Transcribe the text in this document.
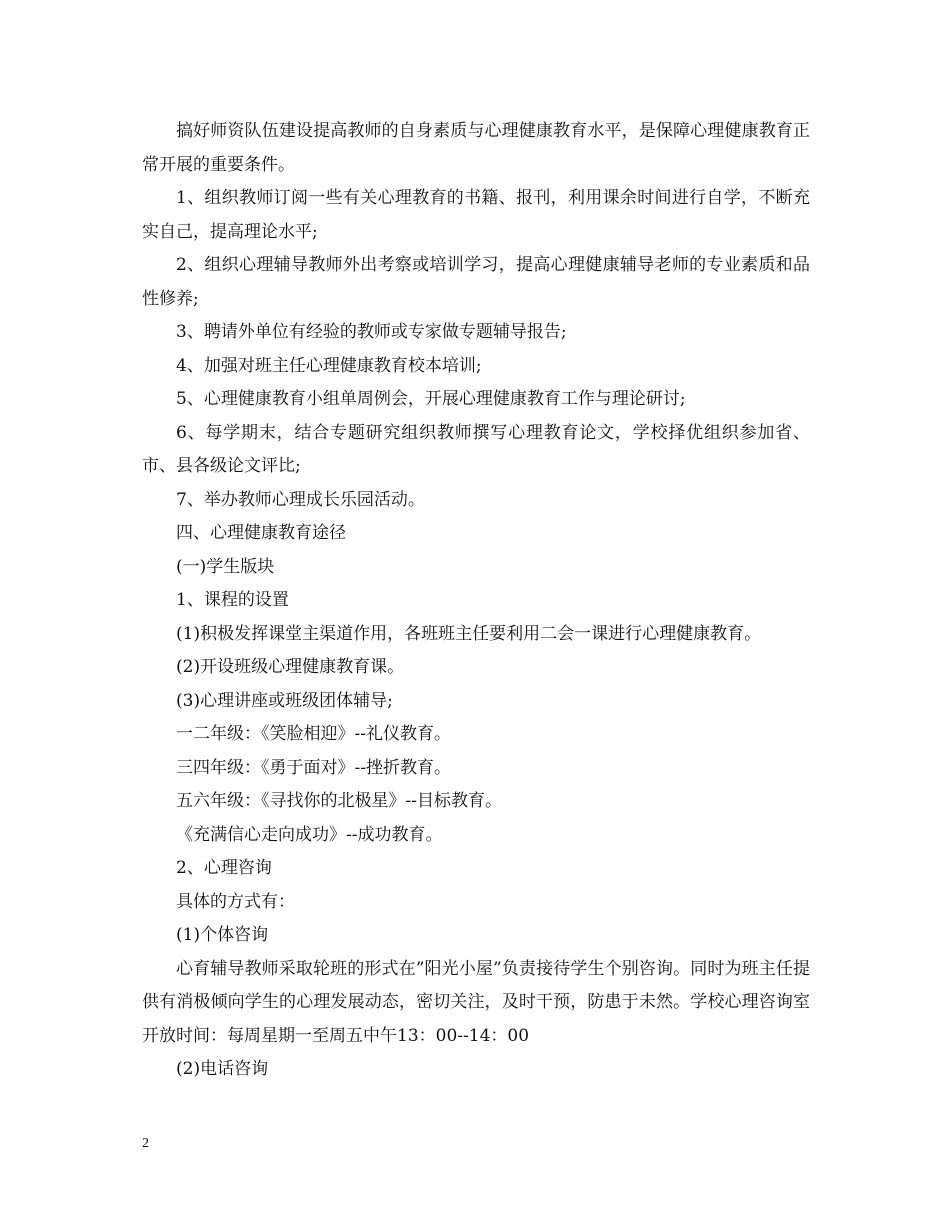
搞好师资队伍建设提高教师的自身素质与心理健康教育水平，是保障心理健康教育正常开展的重要条件。

1、组织教师订阅一些有关心理教育的书籍、报刊，利用课余时间进行自学，不断充实自己，提高理论水平;

2、组织心理辅导教师外出考察或培训学习，提高心理健康辅导老师的专业素质和品性修养;

3、聘请外单位有经验的教师或专家做专题辅导报告;

4、加强对班主任心理健康教育校本培训;

5、心理健康教育小组单周例会，开展心理健康教育工作与理论研讨;

6、每学期末，结合专题研究组织教师撰写心理教育论文，学校择优组织参加省、市、县各级论文评比;

7、举办教师心理成长乐园活动。

四、心理健康教育途径

(一)学生版块

1、课程的设置

(1)积极发挥课堂主渠道作用，各班班主任要利用二会一课进行心理健康教育。

(2)开设班级心理健康教育课。

(3)心理讲座或班级团体辅导;

一二年级：《笑脸相迎》--礼仪教育。

三四年级：《勇于面对》--挫折教育。

五六年级：《寻找你的北极星》--目标教育。

《充满信心走向成功》--成功教育。

2、心理咨询

具体的方式有：

(1)个体咨询

心育辅导教师采取轮班的形式在”阳光小屋”负责接待学生个别咨询。同时为班主任提供有消极倾向学生的心理发展动态，密切关注，及时干预，防患于未然。学校心理咨询室开放时间：每周星期一至周五中午13：00--14：00

(2)电话咨询

2
